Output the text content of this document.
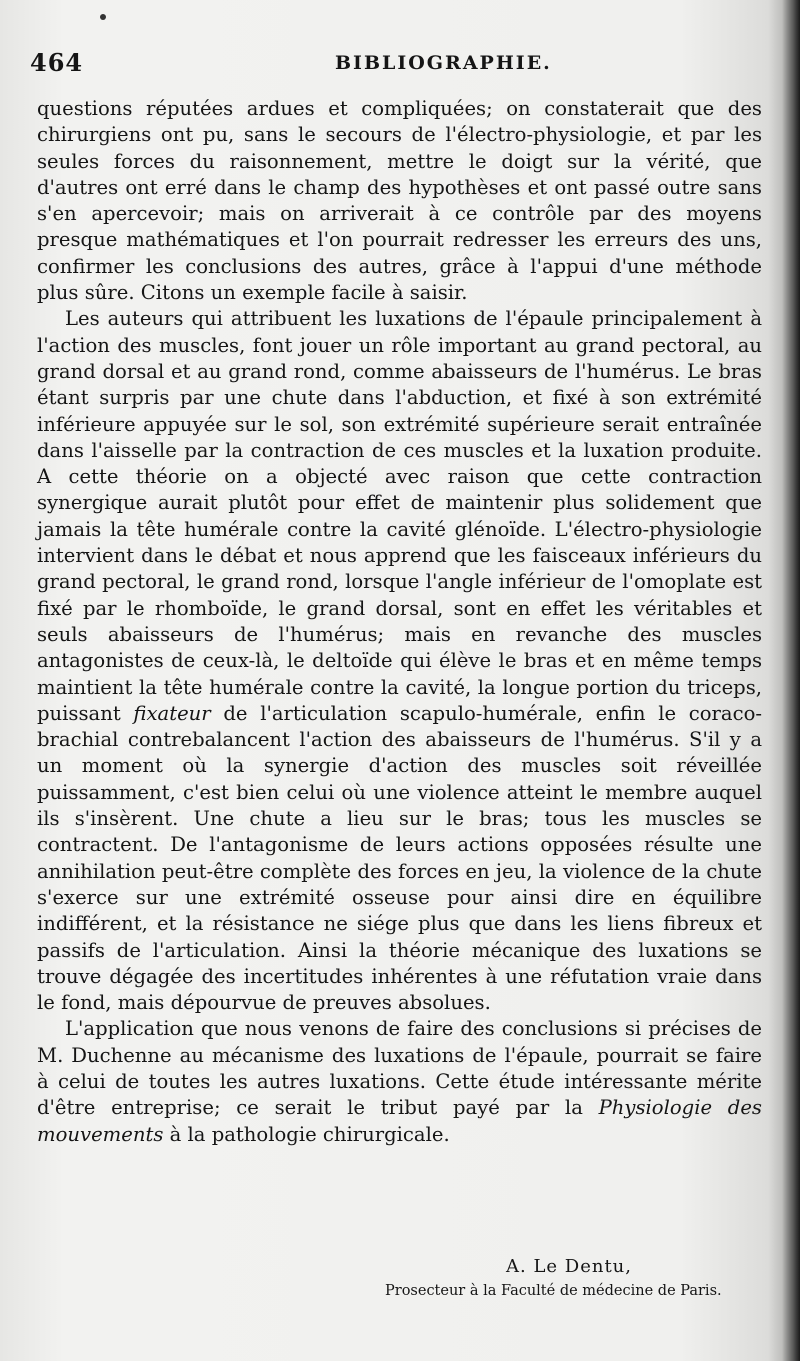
464	BIBLIOGRAPHIE.

questions réputées ardues et compliquées; on constaterait que des chirurgiens ont pu, sans le secours de l'électro-physiologie, et par les seules forces du raisonnement, mettre le doigt sur la vérité, que d'autres ont erré dans le champ des hypothèses et ont passé outre sans s'en apercevoir; mais on arriverait à ce contrôle par des moyens presque mathématiques et l'on pourrait redresser les erreurs des uns, confirmer les conclusions des autres, grâce à l'appui d'une méthode plus sûre. Citons un exemple facile à saisir.

Les auteurs qui attribuent les luxations de l'épaule principalement à l'action des muscles, font jouer un rôle important au grand pectoral, au grand dorsal et au grand rond, comme abaisseurs de l'humérus. Le bras étant surpris par une chute dans l'abduction, et fixé à son extrémité inférieure appuyée sur le sol, son extrémité supérieure serait entraînée dans l'aisselle par la contraction de ces muscles et la luxation produite. A cette théorie on a objecté avec raison que cette contraction synergique aurait plutôt pour effet de maintenir plus solidement que jamais la tête humérale contre la cavité glénoïde. L'électro-physiologie intervient dans le débat et nous apprend que les faisceaux inférieurs du grand pectoral, le grand rond, lorsque l'angle inférieur de l'omoplate est fixé par le rhomboïde, le grand dorsal, sont en effet les véritables et seuls abaisseurs de l'humérus; mais en revanche des muscles antagonistes de ceux-là, le deltoïde qui élève le bras et en même temps maintient la tête humérale contre la cavité, la longue portion du triceps, puissant fixateur de l'articulation scapulo-humérale, enfin le coraco-brachial contrebalancent l'action des abaisseurs de l'humérus. S'il y a un moment où la synergie d'action des muscles soit réveillée puissamment, c'est bien celui où une violence atteint le membre auquel ils s'insèrent. Une chute a lieu sur le bras; tous les muscles se contractent. De l'antagonisme de leurs actions opposées résulte une annihilation peut-être complète des forces en jeu, la violence de la chute s'exerce sur une extrémité osseuse pour ainsi dire en équilibre indifférent, et la résistance ne siége plus que dans les liens fibreux et passifs de l'articulation. Ainsi la théorie mécanique des luxations se trouve dégagée des incertitudes inhérentes à une réfutation vraie dans le fond, mais dépourvue de preuves absolues.

L'application que nous venons de faire des conclusions si précises de M. Duchenne au mécanisme des luxations de l'épaule, pourrait se faire à celui de toutes les autres luxations. Cette étude intéressante mérite d'être entreprise; ce serait le tribut payé par la Physiologie des mouvements à la pathologie chirurgicale.

A. Le Dentu,
Prosecteur à la Faculté de médecine de Paris.
